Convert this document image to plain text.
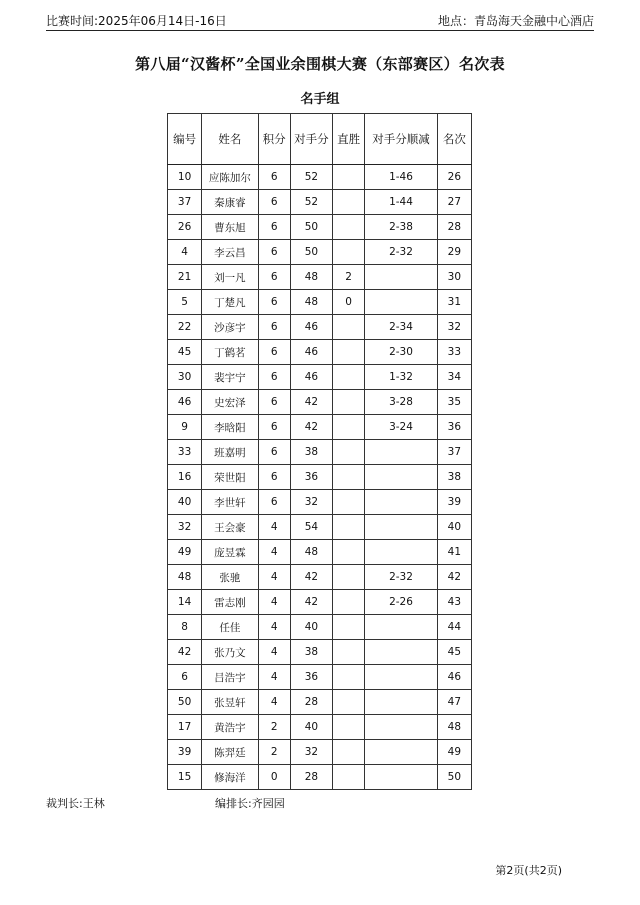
比赛时间:2025年06月14日-16日	地点：青岛海天金融中心酒店
第八届“汉酱杯”全国业余围棋大赛（东部赛区）名次表
名手组
编号	姓名	积分	对手分	直胜	对手分顺减	名次
10	应陈加尔	6	52		1-46	26
37	秦康睿	6	52		1-44	27
26	曹东旭	6	50		2-38	28
4	李云昌	6	50		2-32	29
21	刘一凡	6	48	2		30
5	丁楚凡	6	48	0		31
22	沙彦宇	6	46		2-34	32
45	丁鹤茗	6	46		2-30	33
30	裴宇宁	6	46		1-32	34
46	史宏泽	6	42		3-28	35
9	李晗阳	6	42		3-24	36
33	班嘉明	6	38			37
16	荣世阳	6	36			38
40	李世轩	6	32			39
32	王会豪	4	54			40
49	庞昱霖	4	48			41
48	张驰	4	42		2-32	42
14	雷志刚	4	42		2-26	43
8	任佳	4	40			44
42	张乃文	4	38			45
6	吕浩宇	4	36			46
50	张昱轩	4	28			47
17	黄浩宇	2	40			48
39	陈羿廷	2	32			49
15	修海洋	0	28			50
裁判长:王林	编排长:齐园园
第2页(共2页)
